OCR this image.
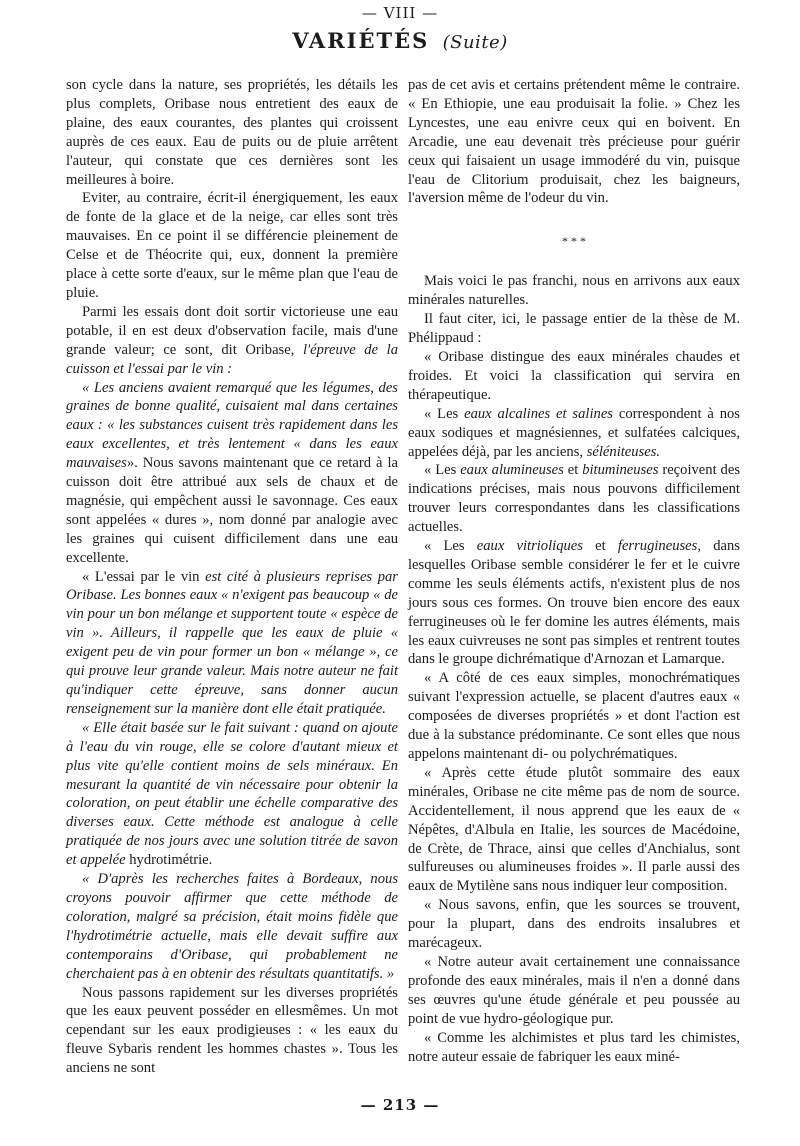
— VIII —
VARIÉTÉS (Suite)

son cycle dans la nature, ses propriétés, les détails les plus complets, Oribase nous entretient des eaux de plaine, des eaux courantes, des plantes qui croissent auprès de ces eaux. Eau de puits ou de pluie arrêtent l'auteur, qui constate que ces dernières sont les meilleures à boire.

Eviter, au contraire, écrit-il énergiquement, les eaux de fonte de la glace et de la neige, car elles sont très mauvaises. En ce point il se différencie pleinement de Celse et de Théocrite qui, eux, donnent la première place à cette sorte d'eaux, sur le même plan que l'eau de pluie.

Parmi les essais dont doit sortir victorieuse une eau potable, il en est deux d'observation facile, mais d'une grande valeur; ce sont, dit Oribase, l'épreuve de la cuisson et l'essai par le vin :

« Les anciens avaient remarqué que les légumes, des graines de bonne qualité, cuisaient mal dans certaines eaux : « les substances cuisent très rapidement dans les eaux excellentes, et très lentement « dans les eaux mauvaises». Nous savons maintenant que ce retard à la cuisson doit être attribué aux sels de chaux et de magnésie, qui empêchent aussi le savonnage. Ces eaux sont appelées « dures », nom donné par analogie avec les graines qui cuisent difficilement dans une eau excellente.

« L'essai par le vin est cité à plusieurs reprises par Oribase. Les bonnes eaux « n'exigent pas beaucoup « de vin pour un bon mélange et supportent toute « espèce de vin ». Ailleurs, il rappelle que les eaux de pluie « exigent peu de vin pour former un bon « mélange », ce qui prouve leur grande valeur. Mais notre auteur ne fait qu'indiquer cette épreuve, sans donner aucun renseignement sur la manière dont elle était pratiquée.

« Elle était basée sur le fait suivant : quand on ajoute à l'eau du vin rouge, elle se colore d'autant mieux et plus vite qu'elle contient moins de sels minéraux. En mesurant la quantité de vin nécessaire pour obtenir la coloration, on peut établir une échelle comparative des diverses eaux. Cette méthode est analogue à celle pratiquée de nos jours avec une solution titrée de savon et appelée hydrotimétrie.

« D'après les recherches faites à Bordeaux, nous croyons pouvoir affirmer que cette méthode de coloration, malgré sa précision, était moins fidèle que l'hydrotimétrie actuelle, mais elle devait suffire aux contemporains d'Oribase, qui probablement ne cherchaient pas à en obtenir des résultats quantitatifs. »

Nous passons rapidement sur les diverses propriétés que les eaux peuvent posséder en ellesmêmes. Un mot cependant sur les eaux prodigieuses : « les eaux du fleuve Sybaris rendent les hommes chastes ». Tous les anciens ne sont

pas de cet avis et certains prétendent même le contraire. « En Ethiopie, une eau produisait la folie. » Chez les Lyncestes, une eau enivre ceux qui en boivent. En Arcadie, une eau devenait très précieuse pour guérir ceux qui faisaient un usage immodéré du vin, puisque l'eau de Clitorium produisait, chez les baigneurs, l'aversion même de l'odeur du vin.

* * *

Mais voici le pas franchi, nous en arrivons aux eaux minérales naturelles.

Il faut citer, ici, le passage entier de la thèse de M. Phélippaud :

« Oribase distingue des eaux minérales chaudes et froides. Et voici la classification qui servira en thérapeutique.

« Les eaux alcalines et salines correspondent à nos eaux sodiques et magnésiennes, et sulfatées calciques, appelées déjà, par les anciens, séléniteuses.

« Les eaux alumineuses et bitumineuses reçoivent des indications précises, mais nous pouvons difficilement trouver leurs correspondantes dans les classifications actuelles.

« Les eaux vitrioliques et ferrugineuses, dans lesquelles Oribase semble considérer le fer et le cuivre comme les seuls éléments actifs, n'existent plus de nos jours sous ces formes. On trouve bien encore des eaux ferrugineuses où le fer domine les autres éléments, mais les eaux cuivreuses ne sont pas simples et rentrent toutes dans le groupe dichrématique d'Arnozan et Lamarque.

« A côté de ces eaux simples, monochrématiques suivant l'expression actuelle, se placent d'autres eaux « composées de diverses propriétés » et dont l'action est due à la substance prédominante. Ce sont elles que nous appelons maintenant di- ou polychrématiques.

« Après cette étude plutôt sommaire des eaux minérales, Oribase ne cite même pas de nom de source. Accidentellement, il nous apprend que les eaux de « Népêtes, d'Albula en Italie, les sources de Macédoine, de Crète, de Thrace, ainsi que celles d'Anchialus, sont sulfureuses ou alumineuses froides ». Il parle aussi des eaux de Mytilène sans nous indiquer leur composition.

« Nous savons, enfin, que les sources se trouvent, pour la plupart, dans des endroits insalubres et marécageux.

« Notre auteur avait certainement une connaissance profonde des eaux minérales, mais il n'en a donné dans ses œuvres qu'une étude générale et peu poussée au point de vue hydro-géologique pur.

« Comme les alchimistes et plus tard les chimistes, notre auteur essaie de fabriquer les eaux miné-

— 213 —
